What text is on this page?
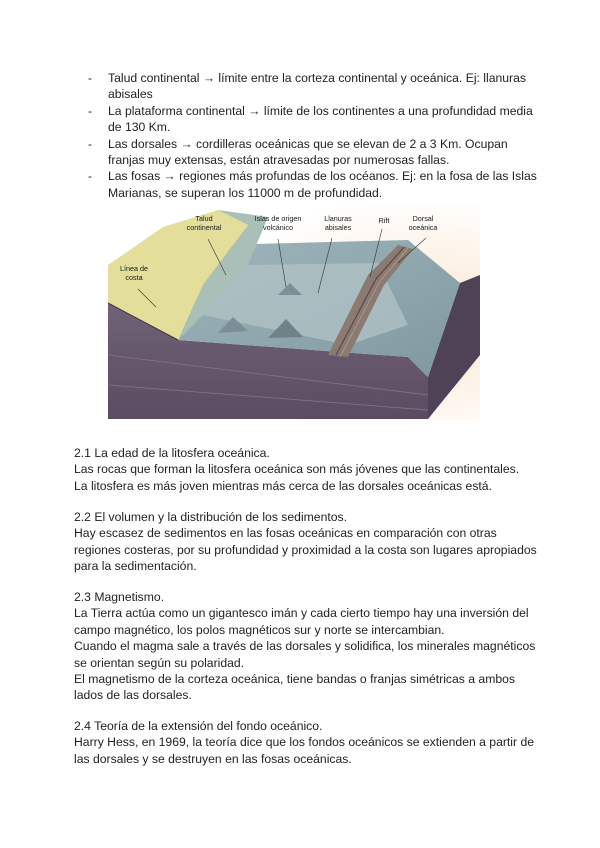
- Talud continental → límite entre la corteza continental y oceánica. Ej: llanuras abisales
- La plataforma continental → límite de los continentes a una profundidad media de 130 Km.
- Las dorsales → cordilleras oceánicas que se elevan de 2 a 3 Km. Ocupan franjas muy extensas, están atravesadas por numerosas fallas.
- Las fosas → regiones más profundas de los océanos. Ej: en la fosa de las Islas Marianas, se superan los 11000 m de profundidad.
Talud
continental
Islas de origen
volcánico
Llanuras
abisales
Rift	Dorsal
oceánica
Línea de
costa

2.1 La edad de la litosfera oceánica.

Las rocas que forman la litosfera oceánica son más jóvenes que las continentales.

La litosfera es más joven mientras más cerca de las dorsales oceánicas está.

2.2 El volumen y la distribución de los sedimentos.

Hay escasez de sedimentos en las fosas oceánicas en comparación con otras regiones costeras, por su profundidad y proximidad a la costa son lugares apropiados para la sedimentación.

2.3 Magnetismo.

La Tierra actúa como un gigantesco imán y cada cierto tiempo hay una inversión del campo magnético, los polos magnéticos sur y norte se intercambian.

Cuando el magma sale a través de las dorsales y solidifica, los minerales magnéticos se orientan según su polaridad.

El magnetismo de la corteza oceánica, tiene bandas o franjas simétricas a ambos lados de las dorsales.

2.4 Teoría de la extensión del fondo oceánico.

Harry Hess, en 1969, la teoría dice que los fondos oceánicos se extienden a partir de las dorsales y se destruyen en las fosas oceánicas.
